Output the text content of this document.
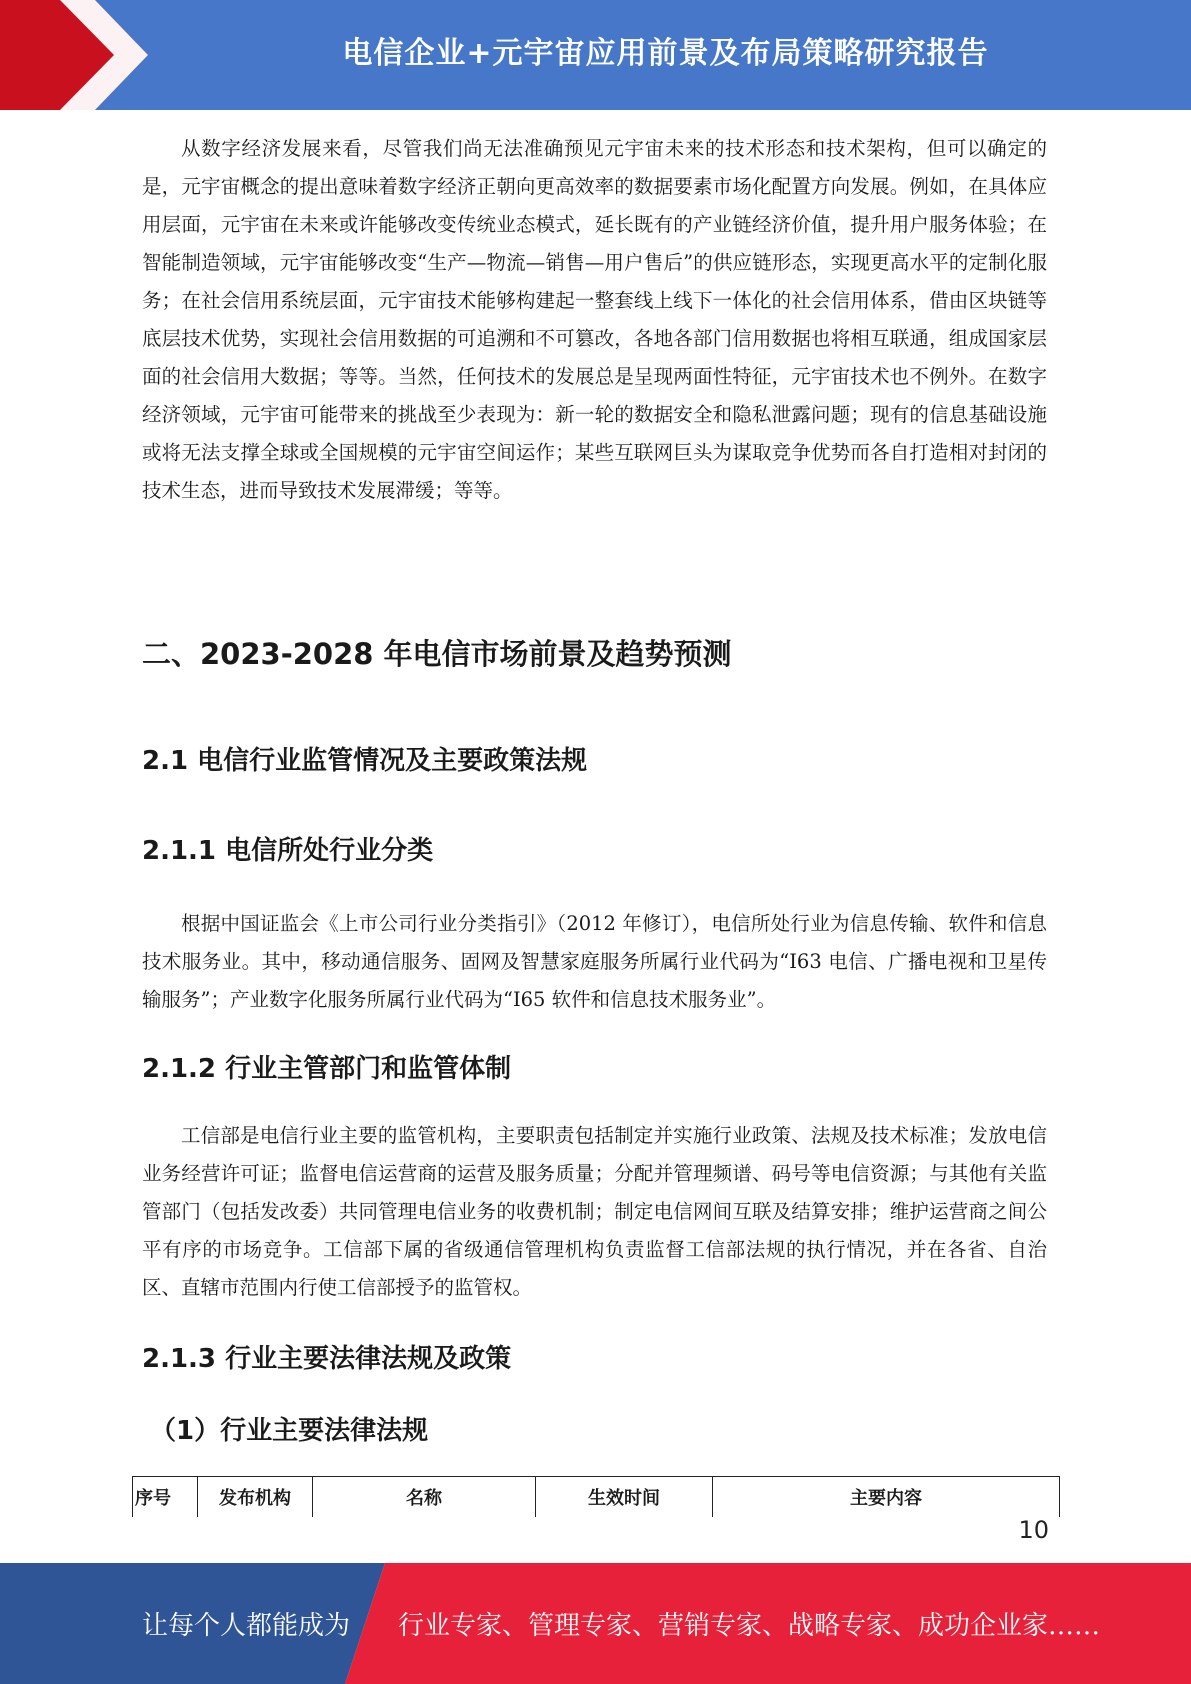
电信企业+元宇宙应用前景及布局策略研究报告

从数字经济发展来看，尽管我们尚无法准确预见元宇宙未来的技术形态和技术架构，但可以确定的是，元宇宙概念的提出意味着数字经济正朝向更高效率的数据要素市场化配置方向发展。例如，在具体应用层面，元宇宙在未来或许能够改变传统业态模式，延长既有的产业链经济价值，提升用户服务体验；在智能制造领域，元宇宙能够改变“生产—物流—销售—用户售后”的供应链形态，实现更高水平的定制化服务；在社会信用系统层面，元宇宙技术能够构建起一整套线上线下一体化的社会信用体系，借由区块链等底层技术优势，实现社会信用数据的可追溯和不可篡改，各地各部门信用数据也将相互联通，组成国家层面的社会信用大数据；等等。当然，任何技术的发展总是呈现两面性特征，元宇宙技术也不例外。在数字经济领域，元宇宙可能带来的挑战至少表现为：新一轮的数据安全和隐私泄露问题；现有的信息基础设施或将无法支撑全球或全国规模的元宇宙空间运作；某些互联网巨头为谋取竞争优势而各自打造相对封闭的技术生态，进而导致技术发展滞缓；等等。

二、2023-2028 年电信市场前景及趋势预测
2.1 电信行业监管情况及主要政策法规
2.1.1 电信所处行业分类

根据中国证监会《上市公司行业分类指引》（2012 年修订），电信所处行业为信息传输、软件和信息技术服务业。其中，移动通信服务、固网及智慧家庭服务所属行业代码为“I63 电信、广播电视和卫星传输服务”；产业数字化服务所属行业代码为“I65 软件和信息技术服务业”。

2.1.2 行业主管部门和监管体制

工信部是电信行业主要的监管机构，主要职责包括制定并实施行业政策、法规及技术标准；发放电信业务经营许可证；监督电信运营商的运营及服务质量；分配并管理频谱、码号等电信资源；与其他有关监管部门（包括发改委）共同管理电信业务的收费机制；制定电信网间互联及结算安排；维护运营商之间公平有序的市场竞争。工信部下属的省级通信管理机构负责监督工信部法规的执行情况，并在各省、自治区、直辖市范围内行使工信部授予的监管权。

2.1.3 行业主要法律法规及政策
（1）行业主要法律法规
序号	发布机构	名称	生效时间	主要内容
10
让每个人都能成为 行业专家、管理专家、营销专家、战略专家、成功企业家……
